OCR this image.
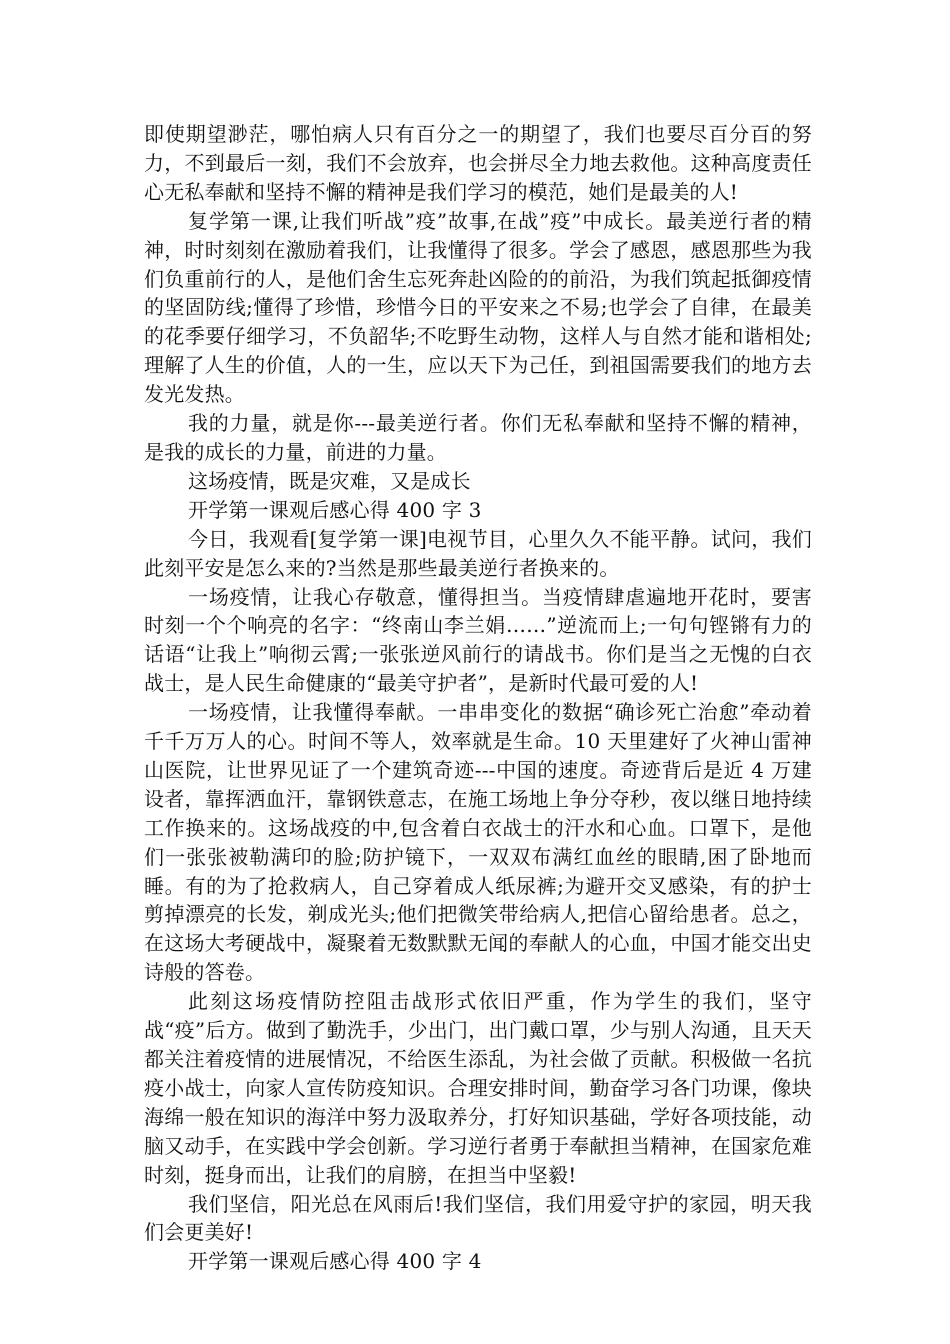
即使期望渺茫，哪怕病人只有百分之一的期望了，我们也要尽百分百的努力，不到最后一刻，我们不会放弃，也会拼尽全力地去救他。这种高度责任心无私奉献和坚持不懈的精神是我们学习的模范，她们是最美的人!

复学第一课,让我们听战”疫”故事,在战”疫”中成长。最美逆行者的精神，时时刻刻在激励着我们，让我懂得了很多。学会了感恩，感恩那些为我们负重前行的人，是他们舍生忘死奔赴凶险的的前沿，为我们筑起抵御疫情的坚固防线;懂得了珍惜，珍惜今日的平安来之不易;也学会了自律，在最美的花季要仔细学习，不负韶华;不吃野生动物，这样人与自然才能和谐相处;理解了人生的价值，人的一生，应以天下为己任，到祖国需要我们的地方去发光发热。

我的力量，就是你---最美逆行者。你们无私奉献和坚持不懈的精神，是我的成长的力量，前进的力量。

这场疫情，既是灾难，又是成长

开学第一课观后感心得 400 字 3

今日，我观看[复学第一课]电视节目，心里久久不能平静。试问，我们此刻平安是怎么来的?当然是那些最美逆行者换来的。

一场疫情，让我心存敬意，懂得担当。当疫情肆虐遍地开花时，要害时刻一个个响亮的名字：“终南山李兰娟……”逆流而上;一句句铿锵有力的话语“让我上”响彻云霄;一张张逆风前行的请战书。你们是当之无愧的白衣战士，是人民生命健康的“最美守护者”，是新时代最可爱的人!

一场疫情，让我懂得奉献。一串串变化的数据“确诊死亡治愈”牵动着千千万万人的心。时间不等人，效率就是生命。10 天里建好了火神山雷神山医院，让世界见证了一个建筑奇迹---中国的速度。奇迹背后是近 4 万建设者，靠挥洒血汗，靠钢铁意志，在施工场地上争分夺秒，夜以继日地持续工作换来的。这场战疫的中,包含着白衣战士的汗水和心血。口罩下，是他们一张张被勒满印的脸;防护镜下，一双双布满红血丝的眼睛,困了卧地而睡。有的为了抢救病人，自己穿着成人纸尿裤;为避开交叉感染，有的护士剪掉漂亮的长发，剃成光头;他们把微笑带给病人,把信心留给患者。总之，在这场大考硬战中，凝聚着无数默默无闻的奉献人的心血，中国才能交出史诗般的答卷。

此刻这场疫情防控阻击战形式依旧严重，作为学生的我们，坚守战“疫”后方。做到了勤洗手，少出门，出门戴口罩，少与别人沟通，且天天都关注着疫情的进展情况，不给医生添乱，为社会做了贡献。积极做一名抗疫小战士，向家人宣传防疫知识。合理安排时间，勤奋学习各门功课，像块海绵一般在知识的海洋中努力汲取养分，打好知识基础，学好各项技能，动脑又动手，在实践中学会创新。学习逆行者勇于奉献担当精神，在国家危难时刻，挺身而出，让我们的肩膀，在担当中坚毅!

我们坚信，阳光总在风雨后!我们坚信，我们用爱守护的家园，明天我们会更美好!

开学第一课观后感心得 400 字 4
